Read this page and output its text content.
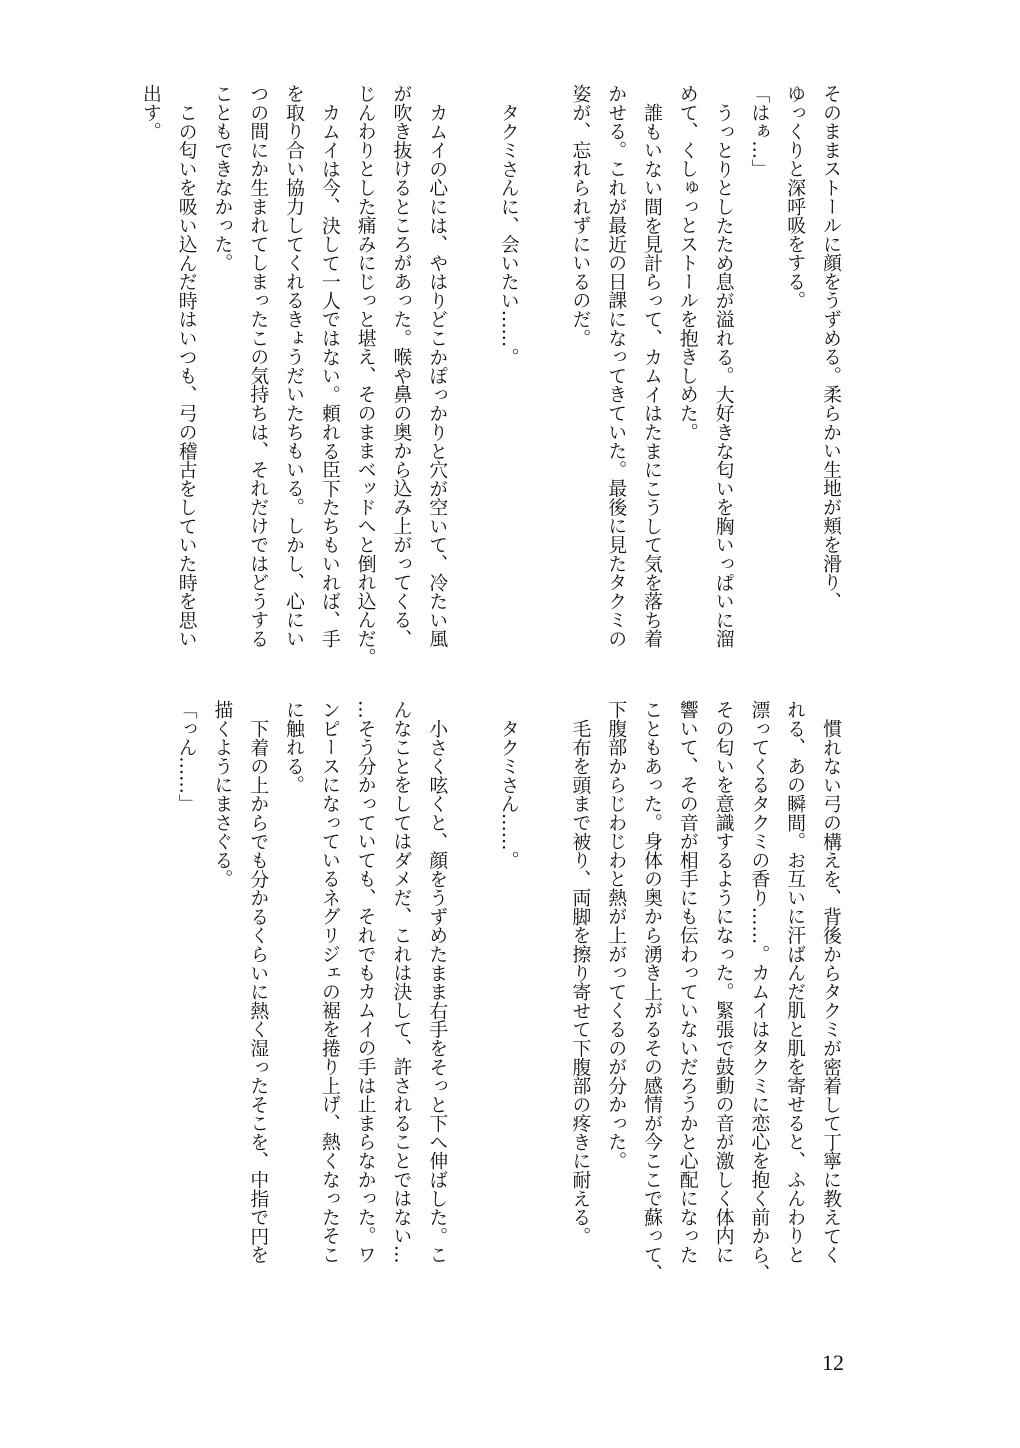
そのままストールに顔をうずめる。柔らかい生地が頬を滑り、
ゆっくりと深呼吸をする。
「はぁ…」
うっとりとしたため息が溢れる。大好きな匂いを胸いっぱいに溜
めて、くしゅっとストールを抱きしめた。
誰もいない間を見計らって、カムイはたまにこうして気を落ち着
かせる。これが最近の日課になってきていた。最後に見たタクミの
姿が、忘れられずにいるのだ。
タクミさんに、会いたい……。
カムイの心には、やはりどこかぽっかりと穴が空いて、冷たい風
が吹き抜けるところがあった。喉や鼻の奥から込み上がってくる、
じんわりとした痛みにじっと堪え、そのままベッドへと倒れ込んだ。
カムイは今、決して一人ではない。頼れる臣下たちもいれば、手
を取り合い協力してくれるきょうだいたちもいる。しかし、心にい
つの間にか生まれてしまったこの気持ちは、それだけではどうする
こともできなかった。
この匂いを吸い込んだ時はいつも、弓の稽古をしていた時を思い
出す。
慣れない弓の構えを、背後からタクミが密着して丁寧に教えてく
れる、あの瞬間。お互いに汗ばんだ肌と肌を寄せると、ふんわりと
漂ってくるタクミの香り……。カムイはタクミに恋心を抱く前から、
その匂いを意識するようになった。緊張で鼓動の音が激しく体内に
響いて、その音が相手にも伝わっていないだろうかと心配になった
こともあった。身体の奥から湧き上がるその感情が今ここで蘇って、
下腹部からじわじわと熱が上がってくるのが分かった。
毛布を頭まで被り、両脚を擦り寄せて下腹部の疼きに耐える。
タクミさん……。
小さく呟くと、顔をうずめたまま右手をそっと下へ伸ばした。こ
んなことをしてはダメだ、これは決して、許されることではない…
…そう分かっていても、それでもカムイの手は止まらなかった。ワ
ンピースになっているネグリジェの裾を捲り上げ、熱くなったそこ
に触れる。
下着の上からでも分かるくらいに熱く湿ったそこを、中指で円を
描くようにまさぐる。
「っん……」
12
